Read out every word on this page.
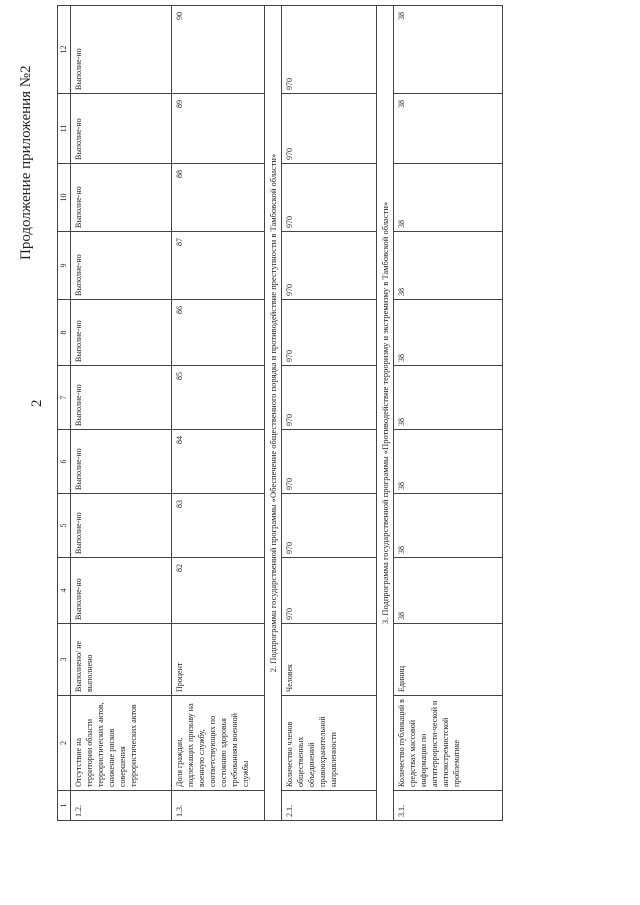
Продолжение приложения №2
2
1	2	3	4	5	6	7	8	9	10	11	12
1.2.	Отсутствие на территории области террористических актов, снижение рисков совершения террористических актов	Выполнено/ не выполнено	Выполне-но	Выполне-но	Выполне-но	Выполне-но	Выполне-но	Выполне-но	Выполне-но	Выполне-но	Выполне-но
1.3.	Доля граждан, подлежащих призыву на военную службу, соответствующих по состоянию здоровья требованиям военной службы	Процент	82	83	84	85	86	87	88	89	90
2. Подпрограмма государственной программы «Обеспечение общественного порядка и противодействие преступности в Тамбовской области»											
2.1.	Количество членов общественных объединений правоохранительной направленности	Человек	970	970	970	970	970	970	970	970	970
3. Подпрограмма государственной программы «Противодействие терроризму и экстремизму в Тамбовской области»											
3.1.	Количество публикаций в средствах массовой информации по антитеррористи-ческой и антиэкстремистской проблематике	Единиц	38	38	38	38	38	38	38	38	38
